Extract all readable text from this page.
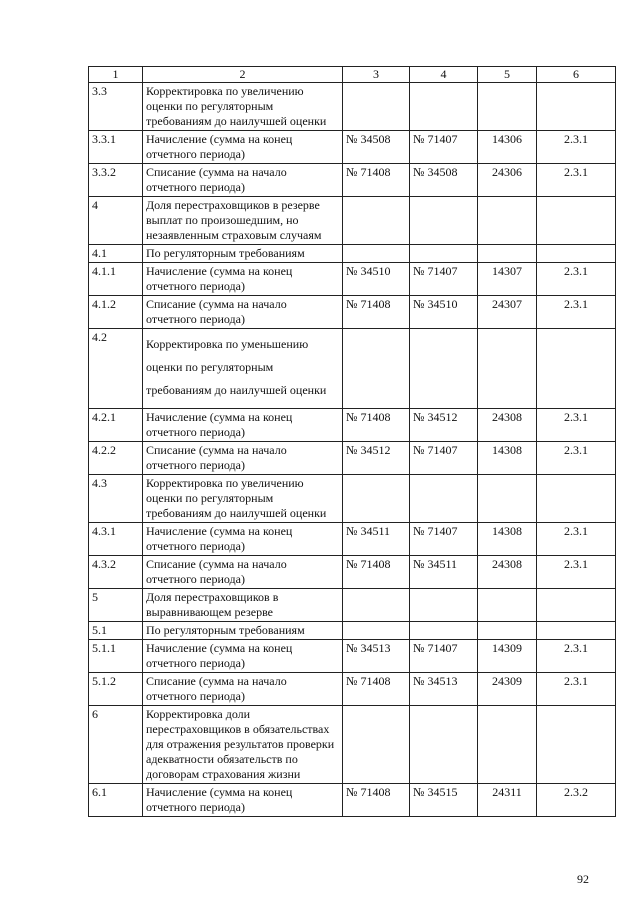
1	2	3	4	5	6
3.3	Корректировка по увеличению оценки по регуляторным требованиям до наилучшей оценки				
3.3.1	Начисление (сумма на конец отчетного периода)	№ 34508	№ 71407	14306	2.3.1
3.3.2	Списание (сумма на начало отчетного периода)	№ 71408	№ 34508	24306	2.3.1
4	Доля перестраховщиков в резерве выплат по произошедшим, но незаявленным страховым случаям				
4.1	По регуляторным требованиям				
4.1.1	Начисление (сумма на конец отчетного периода)	№ 34510	№ 71407	14307	2.3.1
4.1.2	Списание (сумма на начало отчетного периода)	№ 71408	№ 34510	24307	2.3.1
4.2	Корректировка по уменьшению оценки по регуляторным требованиям до наилучшей оценки				
4.2.1	Начисление (сумма на конец отчетного периода)	№ 71408	№ 34512	24308	2.3.1
4.2.2	Списание (сумма на начало отчетного периода)	№ 34512	№ 71407	14308	2.3.1
4.3	Корректировка по увеличению оценки по регуляторным требованиям до наилучшей оценки				
4.3.1	Начисление (сумма на конец отчетного периода)	№ 34511	№ 71407	14308	2.3.1
4.3.2	Списание (сумма на начало отчетного периода)	№ 71408	№ 34511	24308	2.3.1
5	Доля перестраховщиков в выравнивающем резерве				
5.1	По регуляторным требованиям				
5.1.1	Начисление (сумма на конец отчетного периода)	№ 34513	№ 71407	14309	2.3.1
5.1.2	Списание (сумма на начало отчетного периода)	№ 71408	№ 34513	24309	2.3.1
6	Корректировка доли перестраховщиков в обязательствах для отражения результатов проверки адекватности обязательств по договорам страхования жизни				
6.1	Начисление (сумма на конец отчетного периода)	№ 71408	№ 34515	24311	2.3.2
92
